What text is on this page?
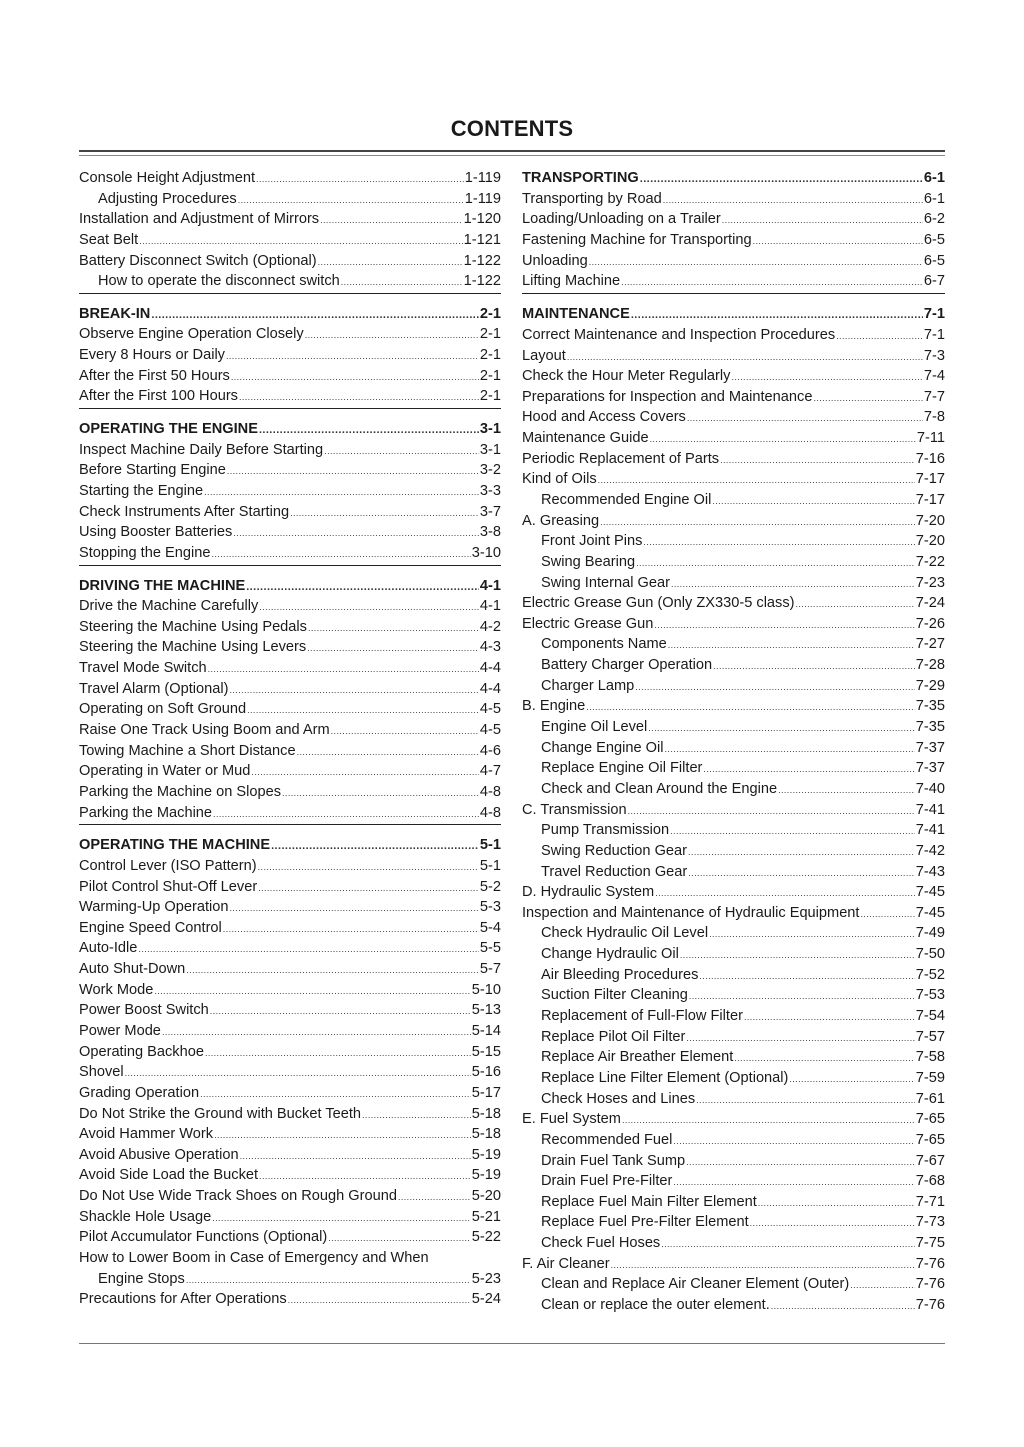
CONTENTS
Console Height Adjustment .....	1-119
Adjusting Procedures .....	1-119
Installation and Adjustment of Mirrors .....	1-120
Seat Belt .....	1-121
Battery Disconnect Switch (Optional) .....	1-122
How to operate the disconnect switch .....	1-122
BREAK-IN .....	2-1
Observe Engine Operation Closely .....	2-1
Every 8 Hours or Daily .....	2-1
After the First 50 Hours .....	2-1
After the First 100 Hours .....	2-1
OPERATING THE ENGINE .....	3-1
Inspect Machine Daily Before Starting .....	3-1
Before Starting Engine .....	3-2
Starting the Engine .....	3-3
Check Instruments After Starting .....	3-7
Using Booster Batteries .....	3-8
Stopping the Engine .....	3-10
DRIVING THE MACHINE .....	4-1
Drive the Machine Carefully .....	4-1
Steering the Machine Using Pedals .....	4-2
Steering the Machine Using Levers .....	4-3
Travel Mode Switch .....	4-4
Travel Alarm (Optional) .....	4-4
Operating on Soft Ground .....	4-5
Raise One Track Using Boom and Arm .....	4-5
Towing Machine a Short Distance .....	4-6
Operating in Water or Mud .....	4-7
Parking the Machine on Slopes .....	4-8
Parking the Machine .....	4-8
OPERATING THE MACHINE .....	5-1
Control Lever (ISO Pattern) .....	5-1
Pilot Control Shut-Off Lever .....	5-2
Warming-Up Operation .....	5-3
Engine Speed Control .....	5-4
Auto-Idle .....	5-5
Auto Shut-Down .....	5-7
Work Mode .....	5-10
Power Boost Switch .....	5-13
Power Mode .....	5-14
Operating Backhoe .....	5-15
Shovel .....	5-16
Grading Operation .....	5-17
Do Not Strike the Ground with Bucket Teeth .....	5-18
Avoid Hammer Work .....	5-18
Avoid Abusive Operation .....	5-19
Avoid Side Load the Bucket .....	5-19
Do Not Use Wide Track Shoes on Rough Ground .....	5-20
Shackle Hole Usage .....	5-21
Pilot Accumulator Functions (Optional) .....	5-22
How to Lower Boom in Case of Emergency and When
Engine Stops .....	5-23
Precautions for After Operations .....	5-24
TRANSPORTING .....	6-1
Transporting by Road .....	6-1
Loading/Unloading on a Trailer .....	6-2
Fastening Machine for Transporting .....	6-5
Unloading .....	6-5
Lifting Machine .....	6-7
MAINTENANCE .....	7-1
Correct Maintenance and Inspection Procedures .....	7-1
Layout .....	7-3
Check the Hour Meter Regularly .....	7-4
Preparations for Inspection and Maintenance .....	7-7
Hood and Access Covers .....	7-8
Maintenance Guide .....	7-11
Periodic Replacement of Parts .....	7-16
Kind of Oils .....	7-17
Recommended Engine Oil .....	7-17
A. Greasing .....	7-20
Front Joint Pins .....	7-20
Swing Bearing .....	7-22
Swing Internal Gear .....	7-23
Electric Grease Gun (Only ZX330-5 class) .....	7-24
Electric Grease Gun .....	7-26
Components Name .....	7-27
Battery Charger Operation .....	7-28
Charger Lamp .....	7-29
B. Engine .....	7-35
Engine Oil Level .....	7-35
Change Engine Oil .....	7-37
Replace Engine Oil Filter .....	7-37
Check and Clean Around the Engine .....	7-40
C. Transmission .....	7-41
Pump Transmission .....	7-41
Swing Reduction Gear .....	7-42
Travel Reduction Gear .....	7-43
D. Hydraulic System .....	7-45
Inspection and Maintenance of Hydraulic Equipment .....	7-45
Check Hydraulic Oil Level .....	7-49
Change Hydraulic Oil .....	7-50
Air Bleeding Procedures .....	7-52
Suction Filter Cleaning .....	7-53
Replacement of Full-Flow Filter .....	7-54
Replace Pilot Oil Filter .....	7-57
Replace Air Breather Element .....	7-58
Replace Line Filter Element (Optional) .....	7-59
Check Hoses and Lines .....	7-61
E. Fuel System .....	7-65
Recommended Fuel .....	7-65
Drain Fuel Tank Sump .....	7-67
Drain Fuel Pre-Filter .....	7-68
Replace Fuel Main Filter Element .....	7-71
Replace Fuel Pre-Filter Element .....	7-73
Check Fuel Hoses .....	7-75
F. Air Cleaner .....	7-76
Clean and Replace Air Cleaner Element (Outer) .....	7-76
Clean or replace the outer element. .....	7-76
